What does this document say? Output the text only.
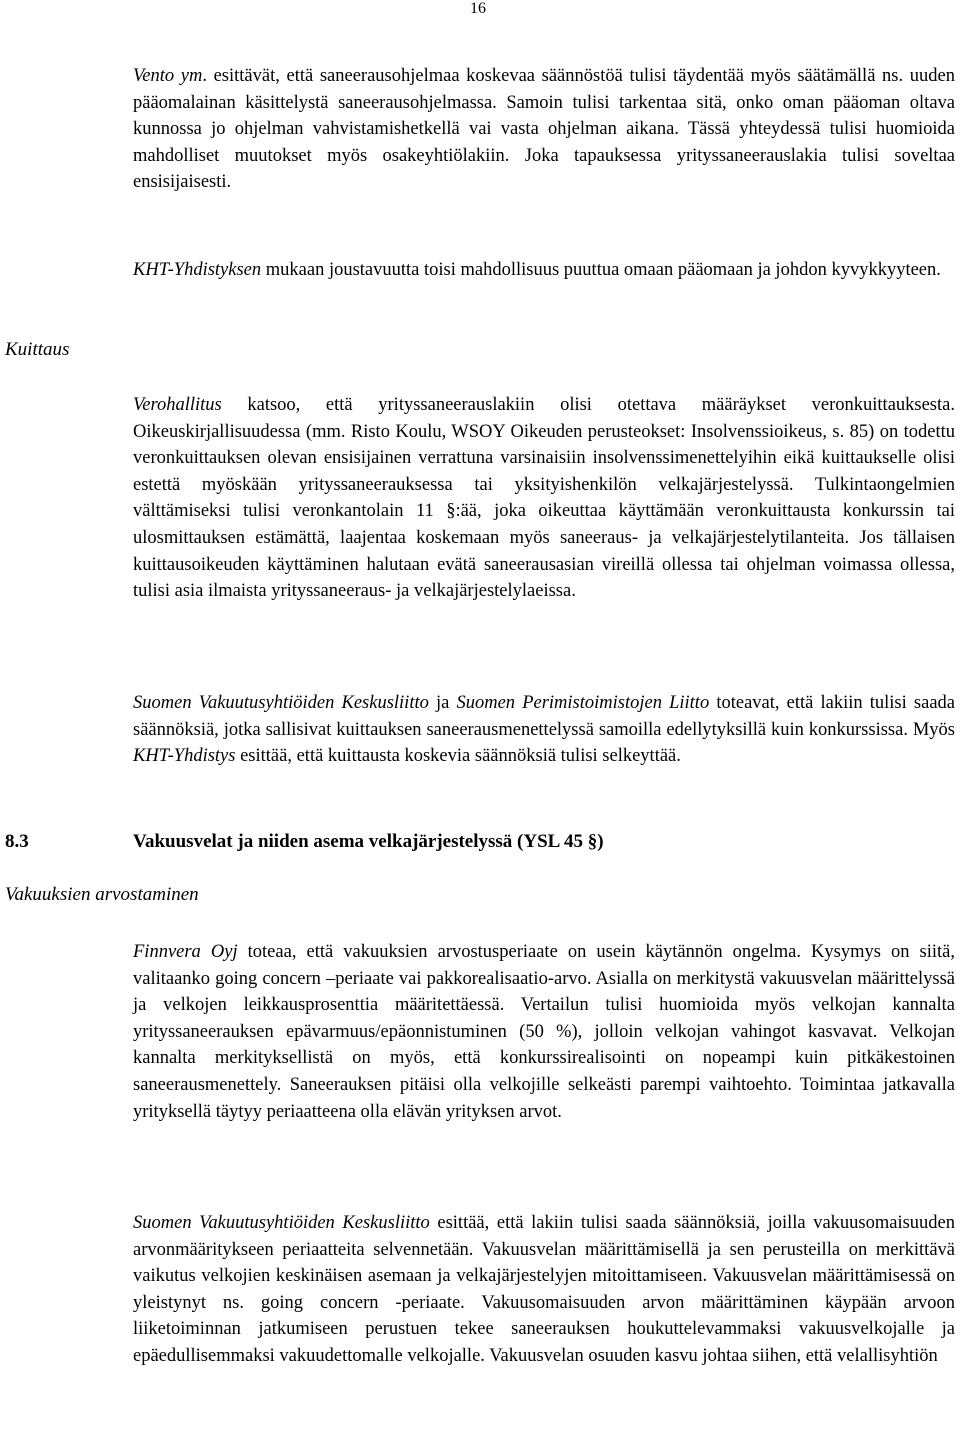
16
Vento ym. esittävät, että saneerausohjelmaa koskevaa säännöstöä tulisi täydentää myös säätämällä ns. uuden pääomalainan käsittelystä saneerausohjelmassa. Samoin tulisi tarkentaa sitä, onko oman pääoman oltava kunnossa jo ohjelman vahvistamishetkellä vai vasta ohjelman aikana. Tässä yhteydessä tulisi huomioida mahdolliset muutokset myös osakeyhtiölakiin. Joka tapauksessa yrityssaneerauslakia tulisi soveltaa ensisijaisesti.
KHT-Yhdistyksen mukaan joustavuutta toisi mahdollisuus puuttua omaan pääomaan ja johdon kyvykkyyteen.
Kuittaus
Verohallitus katsoo, että yrityssaneerauslakiin olisi otettava määräykset veronkuittauksesta. Oikeuskirjallisuudessa (mm. Risto Koulu, WSOY Oikeuden perusteokset: Insolvenssioikeus, s. 85) on todettu veronkuittauksen olevan ensisijainen verrattuna varsinaisiin insolvenssimenettelyihin eikä kuittaukselle olisi estettä myöskään yrityssaneerauksessa tai yksityishenkilön velkajärjestelyssä. Tulkintaongelmien välttämiseksi tulisi veronkantolain 11 §:ää, joka oikeuttaa käyttämään veronkuittausta konkurssin tai ulosmittauksen estämättä, laajentaa koskemaan myös saneeraus- ja velkajärjestelytilanteita. Jos tällaisen kuittausoikeuden käyttäminen halutaan evätä saneerausasian vireillä ollessa tai ohjelman voimassa ollessa, tulisi asia ilmaista yrityssaneeraus- ja velkajärjestelylaeissa.
Suomen Vakuutusyhtiöiden Keskusliitto ja Suomen Perimistoimistojen Liitto toteavat, että lakiin tulisi saada säännöksiä, jotka sallisivat kuittauksen saneerausmenettelyssä samoilla edellytyksillä kuin konkurssissa. Myös KHT-Yhdistys esittää, että kuittausta koskevia säännöksiä tulisi selkeyttää.
8.3	Vakuusvelat ja niiden asema velkajärjestelyssä (YSL 45 §)
Vakuuksien arvostaminen
Finnvera Oyj toteaa, että vakuuksien arvostusperiaate on usein käytännön ongelma. Kysymys on siitä, valitaanko going concern –periaate vai pakkorealisaatio-arvo. Asialla on merkitystä vakuusvelan määrittelyssä ja velkojen leikkausprosenttia määritettäessä. Vertailun tulisi huomioida myös velkojan kannalta yrityssaneerauksen epävarmuus/epäonnistuminen (50 %), jolloin velkojan vahingot kasvavat. Velkojan kannalta merkityksellistä on myös, että konkurssirealisointi on nopeampi kuin pitkäkestoinen saneerausmenettely. Saneerauksen pitäisi olla velkojille selkeästi parempi vaihtoehto. Toimintaa jatkavalla yrityksellä täytyy periaatteena olla elävän yrityksen arvot.
Suomen Vakuutusyhtiöiden Keskusliitto esittää, että lakiin tulisi saada säännöksiä, joilla vakuusomaisuuden arvonmääritykseen periaatteita selvennetään. Vakuusvelan määrittämisellä ja sen perusteilla on merkittävä vaikutus velkojien keskinäisen asemaan ja velkajärjestelyjen mitoittamiseen. Vakuusvelan määrittämisessä on yleistynyt ns. going concern -periaate. Vakuusomaisuuden arvon määrittäminen käypään arvoon liiketoiminnan jatkumiseen perustuen tekee saneerauksen houkuttelevammaksi vakuusvelkojalle ja epäedullisemmaksi vakuudettomalle velkojalle. Vakuusvelan osuuden kasvu johtaa siihen, että velallisyhtiön
